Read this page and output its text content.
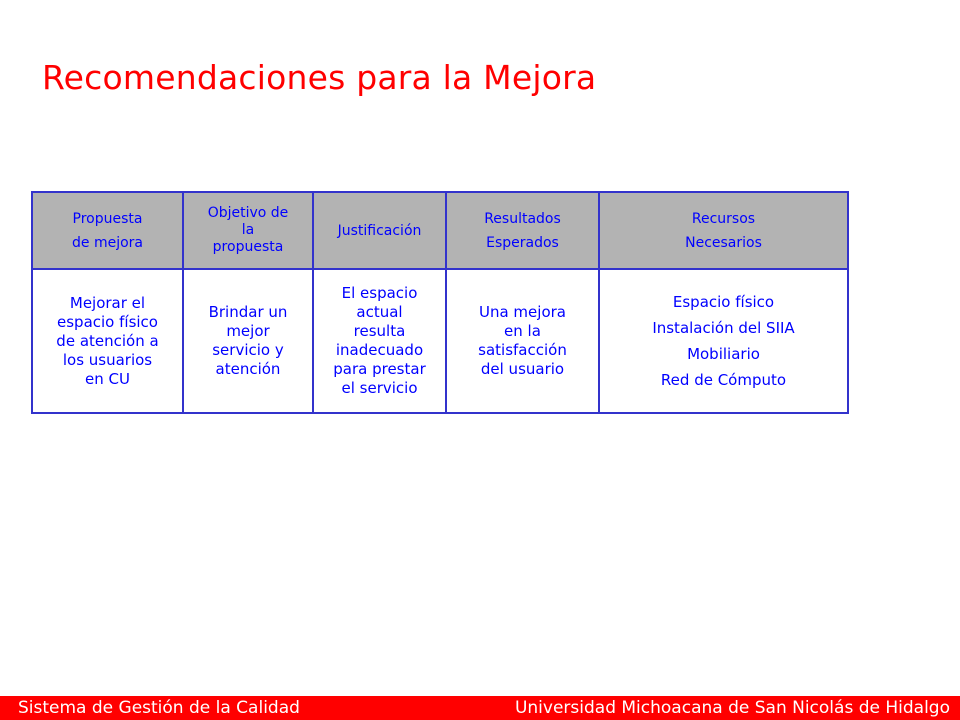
Recomendaciones para la Mejora
Propuesta
de mejora
Objetivo de
la
propuesta
Justificación
Resultados
Esperados
Recursos
Necesarios
Mejorar el
espacio físico
de atención a
los usuarios
en CU
Brindar un
mejor
servicio y
atención
El espacio
actual
resulta
inadecuado
para prestar
el servicio
Una mejora
en la
satisfacción
del usuario
Espacio físico
Instalación del SIIA
Mobiliario
Red de Cómputo
Sistema de Gestión de la Calidad	Universidad Michoacana de San Nicolás de Hidalgo
